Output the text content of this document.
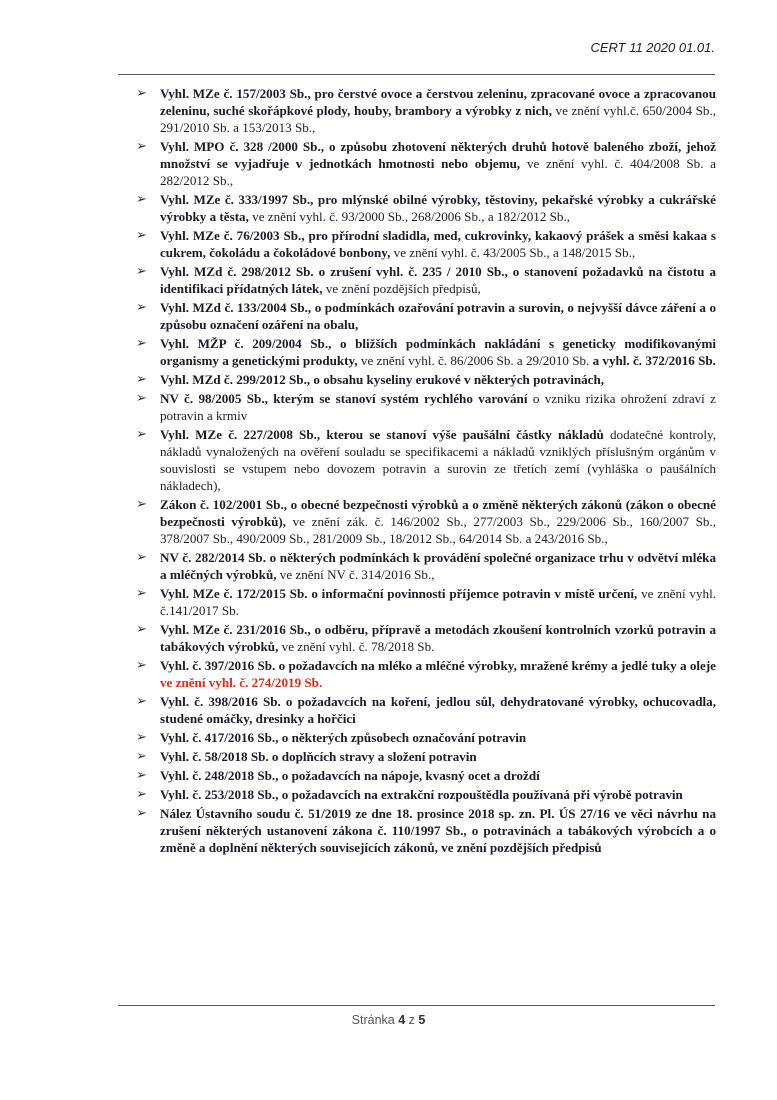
CERT 11 2020 01.01.
➢ Vyhl. MZe č. 157/2003 Sb., pro čerstvé ovoce a čerstvou zeleninu, zpracované ovoce a zpracovanou zeleninu, suché skořápkové plody, houby, brambory a výrobky z nich, ve znění vyhl.č. 650/2004 Sb., 291/2010 Sb. a 153/2013 Sb.,
➢ Vyhl. MPO č. 328 /2000 Sb., o způsobu zhotovení některých druhů hotově baleného zboží, jehož množství se vyjadřuje v jednotkách hmotnosti nebo objemu, ve znění vyhl. č. 404/2008 Sb. a 282/2012 Sb.,
➢ Vyhl. MZe č. 333/1997 Sb., pro mlýnské obilné výrobky, těstoviny, pekařské výrobky a cukrářské výrobky a těsta, ve znění vyhl. č. 93/2000 Sb., 268/2006 Sb., a 182/2012 Sb.,
➢ Vyhl. MZe č. 76/2003 Sb., pro přírodní sladidla, med, cukrovinky, kakaový prášek a směsi kakaa s cukrem, čokoládu a čokoládové bonbony, ve znění vyhl. č. 43/2005 Sb., a 148/2015 Sb.,
➢ Vyhl. MZd č. 298/2012 Sb. o zrušení vyhl. č. 235 / 2010 Sb., o stanovení požadavků na čistotu a identifikaci přídatných látek, ve znění pozdějších předpisů,
➢ Vyhl. MZd č. 133/2004 Sb., o podmínkách ozařování potravin a surovin, o nejvyšší dávce záření a o způsobu označení ozáření na obalu,
➢ Vyhl. MŽP č. 209/2004 Sb., o bližších podmínkách nakládání s geneticky modifikovanými organismy a genetickými produkty, ve znění vyhl. č. 86/2006 Sb. a 29/2010 Sb. a vyhl. č. 372/2016 Sb.
➢ Vyhl. MZd č. 299/2012 Sb., o obsahu kyseliny erukové v některých potravinách,
➢ NV č. 98/2005 Sb., kterým se stanoví systém rychlého varování o vzniku rizika ohrožení zdraví z potravin a krmiv
➢ Vyhl. MZe č. 227/2008 Sb., kterou se stanoví výše paušální částky nákladů dodatečné kontroly, nákladů vynaložených na ověření souladu se specifikacemi a nákladů vzniklých příslušným orgánům v souvislosti se vstupem nebo dovozem potravin a surovin ze třetích zemí (vyhláška o paušálních nákladech),
➢ Zákon č. 102/2001 Sb., o obecné bezpečnosti výrobků a o změně některých zákonů (zákon o obecné bezpečnosti výrobků), ve znění zák. č. 146/2002 Sb., 277/2003 Sb., 229/2006 Sb., 160/2007 Sb., 378/2007 Sb., 490/2009 Sb., 281/2009 Sb., 18/2012 Sb., 64/2014 Sb. a 243/2016 Sb.,
➢ NV č. 282/2014 Sb. o některých podmínkách k provádění společné organizace trhu v odvětví mléka a mléčných výrobků, ve znění NV č. 314/2016 Sb.,
➢ Vyhl. MZe č. 172/2015 Sb. o informační povinnosti příjemce potravin v místě určení, ve znění vyhl. č.141/2017 Sb.
➢ Vyhl. MZe č. 231/2016 Sb., o odběru, přípravě a metodách zkoušení kontrolních vzorků potravin a tabákových výrobků, ve znění vyhl. č. 78/2018 Sb.
➢ Vyhl. č. 397/2016 Sb. o požadavcích na mléko a mléčné výrobky, mražené krémy a jedlé tuky a oleje ve znění vyhl. č. 274/2019 Sb.
➢ Vyhl. č. 398/2016 Sb. o požadavcích na koření, jedlou sůl, dehydratované výrobky, ochucovadla, studené omáčky, dresinky a hořčici
➢ Vyhl. č. 417/2016 Sb., o některých způsobech označování potravin
➢ Vyhl. č. 58/2018 Sb. o doplňcích stravy a složení potravin
➢ Vyhl. č. 248/2018 Sb., o požadavcích na nápoje, kvasný ocet a droždí
➢ Vyhl. č. 253/2018 Sb., o požadavcích na extrakční rozpouštědla používaná při výrobě potravin
➢ Nález Ústavního soudu č. 51/2019 ze dne 18. prosince 2018 sp. zn. Pl. ÚS 27/16 ve věci návrhu na zrušení některých ustanovení zákona č. 110/1997 Sb., o potravinách a tabákových výrobcích a o změně a doplnění některých souvisejících zákonů, ve znění pozdějších předpisů
Stránka 4 z 5
